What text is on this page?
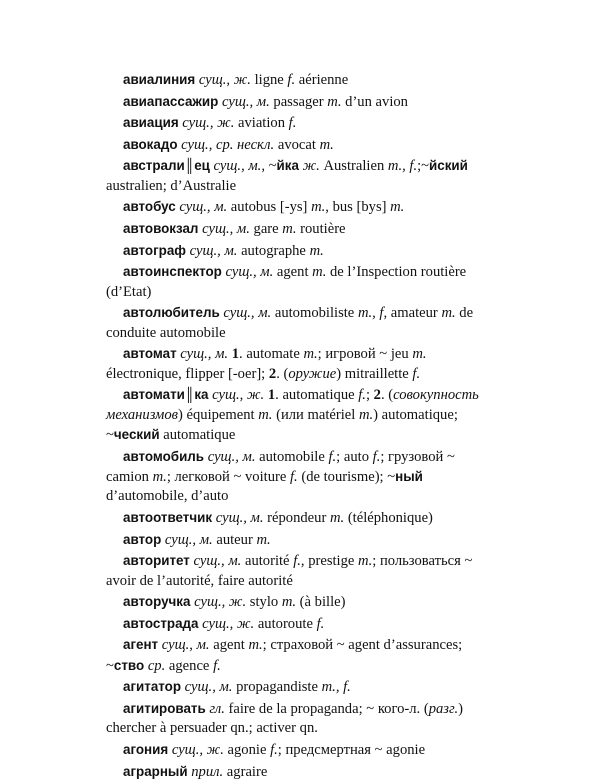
авиалиния сущ., ж. ligne f. aérienne
авиапассажир сущ., м. passager m. d’un avion
авиация сущ., ж. aviation f.
авокадо сущ., ср. нескл. avocat m.
австрали║ец сущ., м., ~йка ж. Australien m., f.;~йский australien; d’Australie
автобус сущ., м. autobus [-ys] m., bus [bys] m.
автовокзал сущ., м. gare m. routière
автограф сущ., м. autographe m.
автоинспектор сущ., м. agent m. de l’Inspection routière (d’Etat)
автолюбитель сущ., м. automobiliste m., f, amateur m. de conduite automobile
автомат сущ., м. 1. automate m.; игровой ~ jeu m. électronique, flipper [-oer]; 2. (оружие) mitraillette f.
автомати║ка сущ., ж. 1. automatique f.; 2. (совокупность механизмов) équipement m. (или matériel m.) automatique; ~ческий automatique
автомобиль сущ., м. automobile f.; auto f.; грузовой ~ camion m.; легковой ~ voiture f. (de tourisme); ~ный d’automobile, d’auto
автоответчик сущ., м. répondeur m. (téléphonique)
автор сущ., м. auteur m.
авторитет сущ., м. autorité f., prestige m.; пользоваться ~ avoir de l’autorité, faire autorité
авторучка сущ., ж. stylo m. (à bille)
автострада сущ., ж. autoroute f.
агент сущ., м. agent m.; страховой ~ agent d’assurances; ~ство ср. agence f.
агитатор сущ., м. propagandiste m., f.
агитировать гл. faire de la propaganda; ~ кого-л. (разг.) chercher à persuader qn.; activer qn.
агония сущ., ж. agonie f.; предсмертная ~ agonie
аграрный прил. agraire
